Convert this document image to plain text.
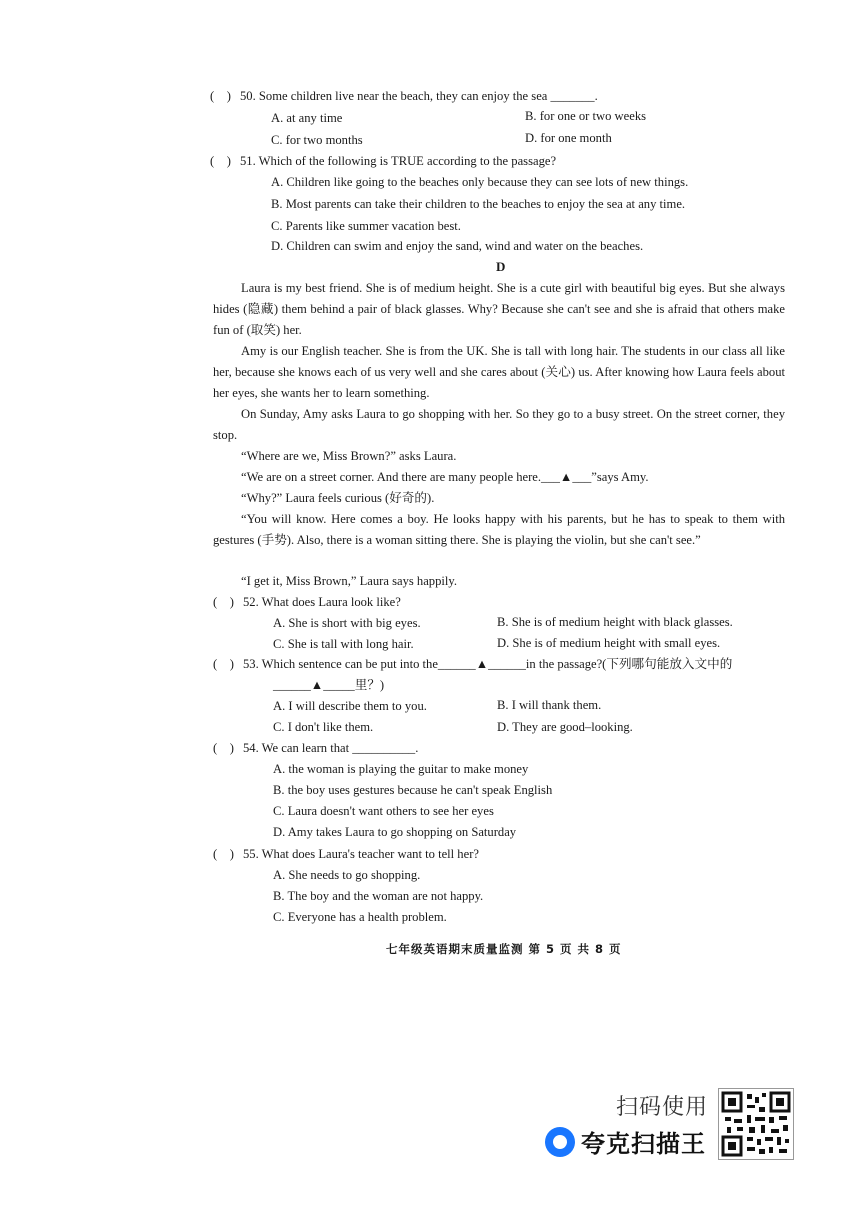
( ) 50. Some children live near the beach, they can enjoy the sea _______.
A. at any time	B. for one or two weeks
C. for two months	D. for one month
( ) 51. Which of the following is TRUE according to the passage?
A. Children like going to the beaches only because they can see lots of new things.
B. Most parents can take their children to the beaches to enjoy the sea at any time.
C. Parents like summer vacation best.
D. Children can swim and enjoy the sand, wind and water on the beaches.
D
Laura is my best friend. She is of medium height. She is a cute girl with beautiful big eyes. But she always hides (隐藏) them behind a pair of black glasses. Why? Because she can't see and she is afraid that others make fun of (取笑) her.
Amy is our English teacher. She is from the UK. She is tall with long hair. The students in our class all like her, because she knows each of us very well and she cares about (关心) us. After knowing how Laura feels about her eyes, she wants her to learn something.
On Sunday, Amy asks Laura to go shopping with her. So they go to a busy street. On the street corner, they stop.
“Where are we, Miss Brown?” asks Laura.
“We are on a street corner. And there are many people here.___▲___”says Amy.
“Why?” Laura feels curious (好奇的).
“You will know. Here comes a boy. He looks happy with his parents, but he has to speak to them with gestures (手势). Also, there is a woman sitting there. She is playing the violin, but she can't see.”
“I get it, Miss Brown,” Laura says happily.
( ) 52. What does Laura look like?
A. She is short with big eyes.	B. She is of medium height with black glasses.
C. She is tall with long hair.	D. She is of medium height with small eyes.
( ) 53. Which sentence can be put into the______▲______in the passage?(下列哪句能放入文中的
______▲_____里？)
A. I will describe them to you.	B. I will thank them.
C. I don't like them.	D. They are good–looking.
( ) 54. We can learn that __________.
A. the woman is playing the guitar to make money
B. the boy uses gestures because he can't speak English
C. Laura doesn't want others to see her eyes
D. Amy takes Laura to go shopping on Saturday
( ) 55. What does Laura's teacher want to tell her?
A. She needs to go shopping.
B. The boy and the woman are not happy.
C. Everyone has a health problem.
七年级英语期末质量监测 第 5 页 共 8 页
扫码使用
夸克扫描王
